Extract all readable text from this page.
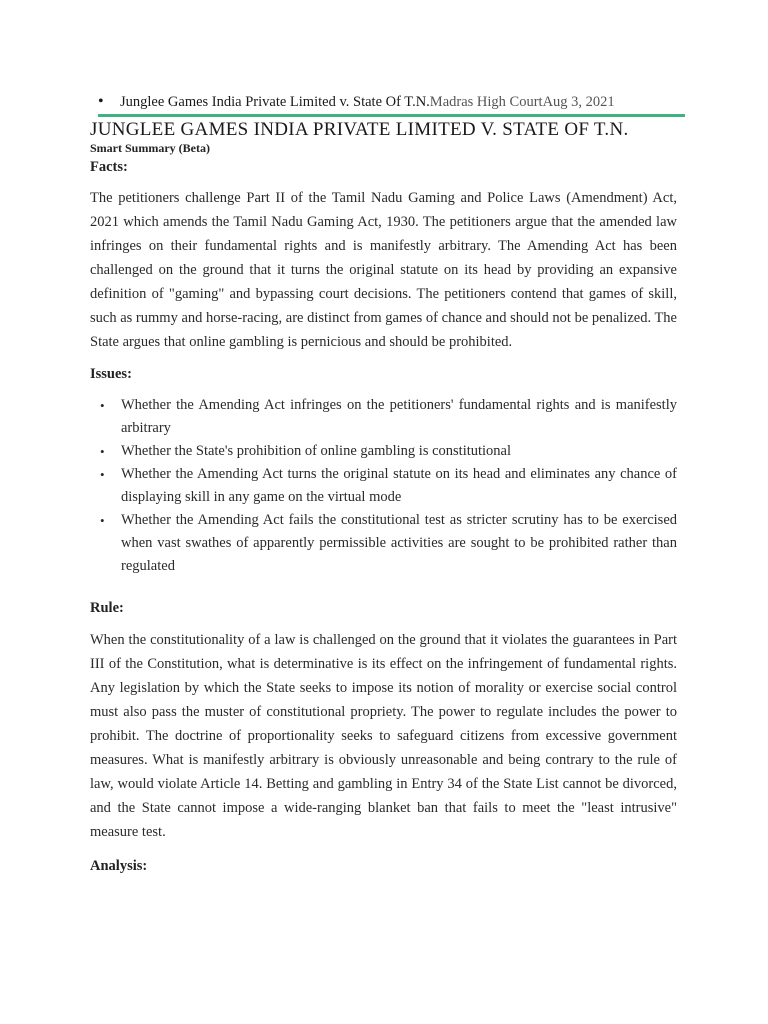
• Junglee Games India Private Limited v. State Of T.N.Madras High CourtAug 3, 2021
JUNGLEE GAMES INDIA PRIVATE LIMITED V. STATE OF T.N.
Smart Summary (Beta)
Facts:

The petitioners challenge Part II of the Tamil Nadu Gaming and Police Laws (Amendment) Act, 2021 which amends the Tamil Nadu Gaming Act, 1930. The petitioners argue that the amended law infringes on their fundamental rights and is manifestly arbitrary. The Amending Act has been challenged on the ground that it turns the original statute on its head by providing an expansive definition of "gaming" and bypassing court decisions. The petitioners contend that games of skill, such as rummy and horse-racing, are distinct from games of chance and should not be penalized. The State argues that online gambling is pernicious and should be prohibited.

Issues:
• Whether the Amending Act infringes on the petitioners' fundamental rights and is manifestly arbitrary
• Whether the State's prohibition of online gambling is constitutional
• Whether the Amending Act turns the original statute on its head and eliminates any chance of displaying skill in any game on the virtual mode
• Whether the Amending Act fails the constitutional test as stricter scrutiny has to be exercised when vast swathes of apparently permissible activities are sought to be prohibited rather than regulated
Rule:

When the constitutionality of a law is challenged on the ground that it violates the guarantees in Part III of the Constitution, what is determinative is its effect on the infringement of fundamental rights. Any legislation by which the State seeks to impose its notion of morality or exercise social control must also pass the muster of constitutional propriety. The power to regulate includes the power to prohibit. The doctrine of proportionality seeks to safeguard citizens from excessive government measures. What is manifestly arbitrary is obviously unreasonable and being contrary to the rule of law, would violate Article 14. Betting and gambling in Entry 34 of the State List cannot be divorced, and the State cannot impose a wide-ranging blanket ban that fails to meet the "least intrusive" measure test.

Analysis:
